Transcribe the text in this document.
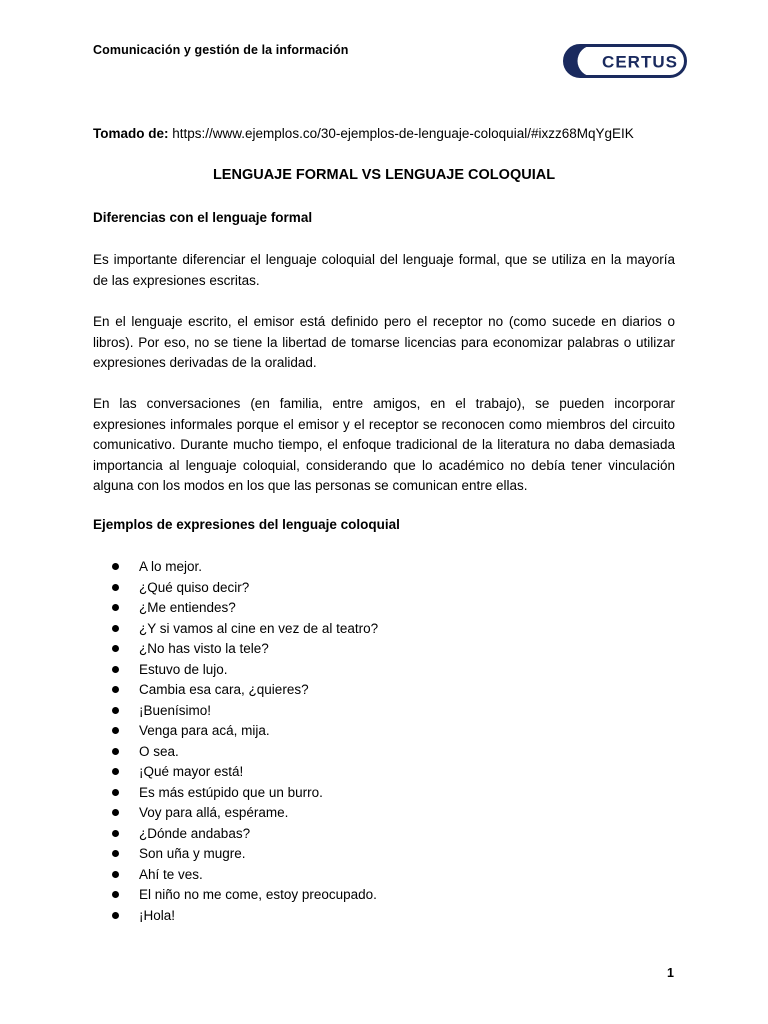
Comunicación y gestión de la información
CERTUS
Tomado de: https://www.ejemplos.co/30-ejemplos-de-lenguaje-coloquial/#ixzz68MqYgEIK
LENGUAJE FORMAL VS LENGUAJE COLOQUIAL
Diferencias con el lenguaje formal
Es importante diferenciar el lenguaje coloquial del lenguaje formal, que se utiliza en la mayoría de las expresiones escritas.
En el lenguaje escrito, el emisor está definido pero el receptor no (como sucede en diarios o libros). Por eso, no se tiene la libertad de tomarse licencias para economizar palabras o utilizar expresiones derivadas de la oralidad.
En las conversaciones (en familia, entre amigos, en el trabajo), se pueden incorporar expresiones informales porque el emisor y el receptor se reconocen como miembros del circuito comunicativo. Durante mucho tiempo, el enfoque tradicional de la literatura no daba demasiada importancia al lenguaje coloquial, considerando que lo académico no debía tener vinculación alguna con los modos en los que las personas se comunican entre ellas.
Ejemplos de expresiones del lenguaje coloquial
A lo mejor.
¿Qué quiso decir?
¿Me entiendes?
¿Y si vamos al cine en vez de al teatro?
¿No has visto la tele?
Estuvo de lujo.
Cambia esa cara, ¿quieres?
¡Buenísimo!
Venga para acá, mija.
O sea.
¡Qué mayor está!
Es más estúpido que un burro.
Voy para allá, espérame.
¿Dónde andabas?
Son uña y mugre.
Ahí te ves.
El niño no me come, estoy preocupado.
¡Hola!
1
